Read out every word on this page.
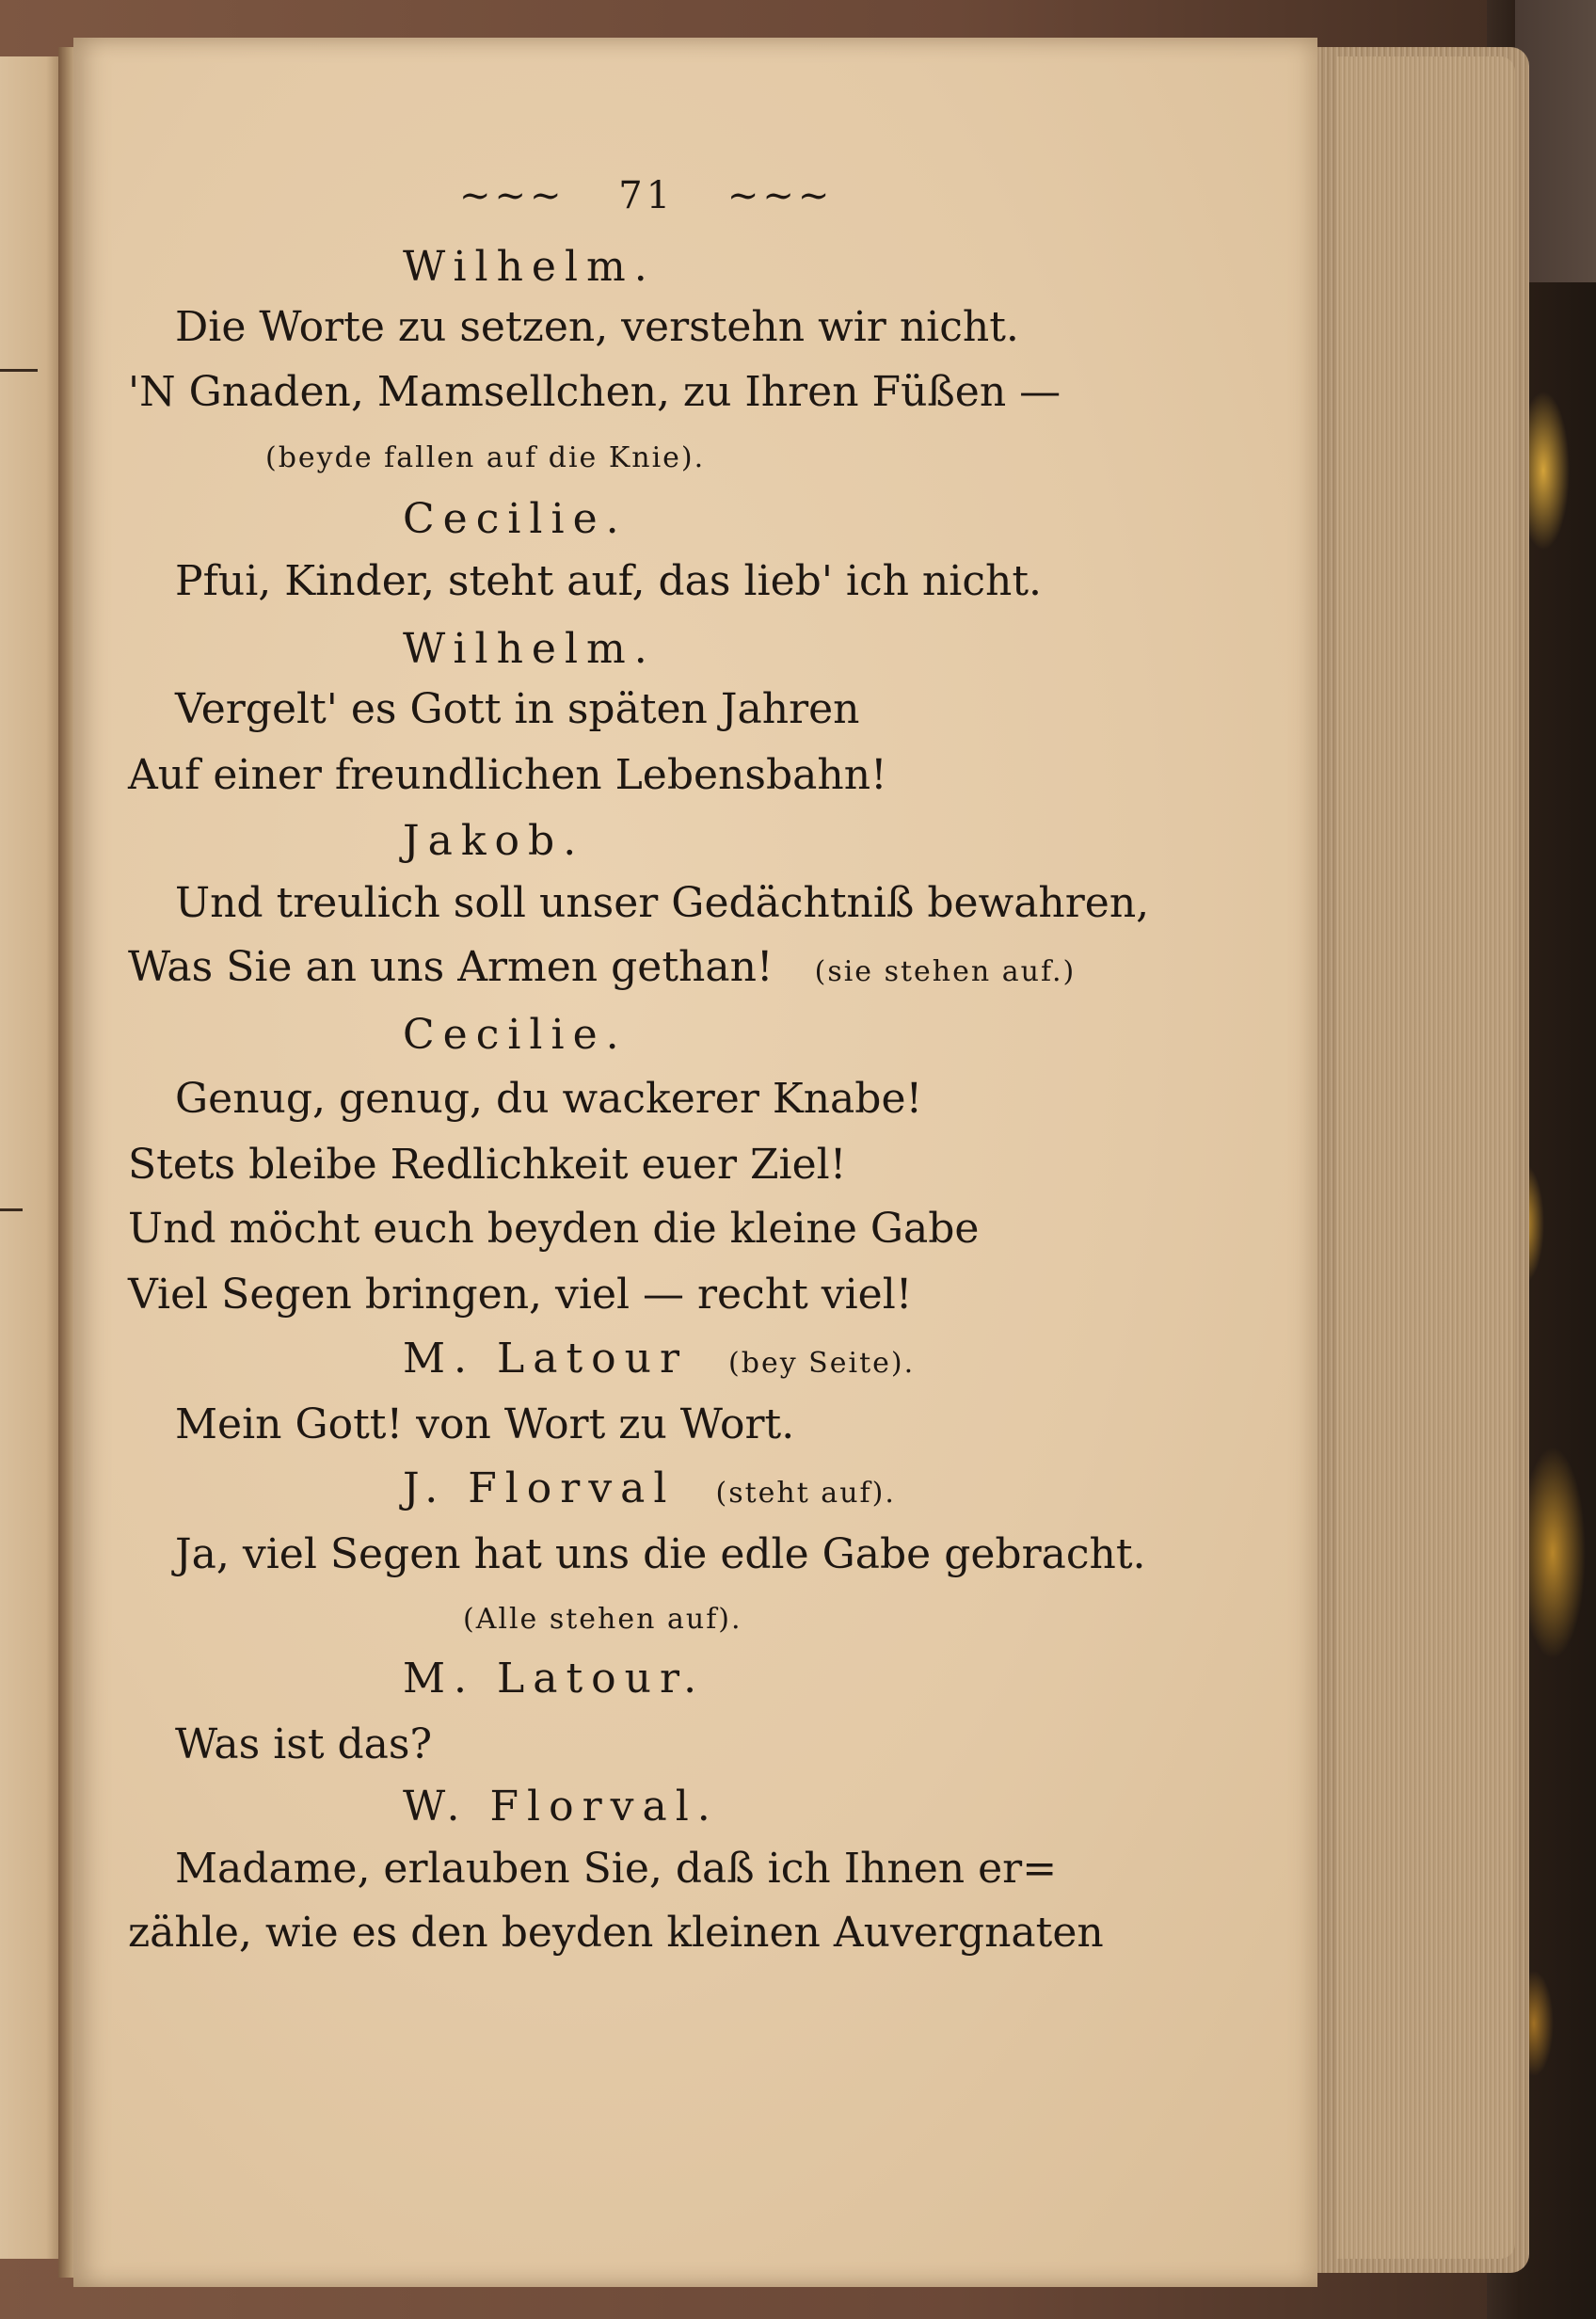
~~~ 71 ~~~
Wilhelm.
Die Worte zu setzen, verstehn wir nicht.
'N Gnaden, Mamsellchen, zu Ihren Füßen —
(beyde fallen auf die Knie).
Cecilie.
Pfui, Kinder, steht auf, das lieb' ich nicht.
Wilhelm.
Vergelt' es Gott in späten Jahren
Auf einer freundlichen Lebensbahn!
Jakob.
Und treulich soll unser Gedächtniß bewahren,
Was Sie an uns Armen gethan! (sie stehen auf.)
Cecilie.
Genug, genug, du wackerer Knabe!
Stets bleibe Redlichkeit euer Ziel!
Und möcht euch beyden die kleine Gabe
Viel Segen bringen, viel — recht viel!
M. Latour (bey Seite).
Mein Gott! von Wort zu Wort.
J. Florval (steht auf).
Ja, viel Segen hat uns die edle Gabe gebracht.
(Alle stehen auf).
M. Latour.
Was ist das?
W. Florval.
Madame, erlauben Sie, daß ich Ihnen er=
zähle, wie es den beyden kleinen Auvergnaten
